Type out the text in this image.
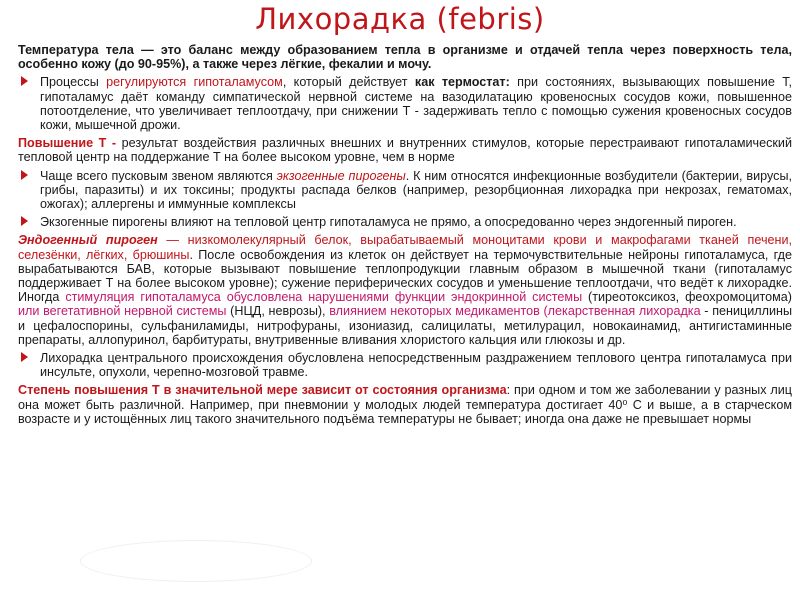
Лихорадка (febris)

Температура тела — это баланс между образованием тепла в организме и отдачей тепла через поверхность тела, особенно кожу (до 90-95%), а также через лёгкие, фекалии и мочу.

Процессы регулируются гипоталамусом, который действует как термостат: при состояниях, вызывающих повышение Т, гипоталамус даёт команду симпатической нервной системе на вазодилатацию кровеносных сосудов кожи, повышенное потоотделение, что увеличивает теплоотдачу, при снижении Т - задерживать тепло с помощью сужения кровеносных сосудов кожи, мышечной дрожи.

Повышение Т - результат воздействия различных внешних и внутренних стимулов, которые перестраивают гипоталамический тепловой центр на поддержание Т на более высоком уровне, чем в норме

Чаще всего пусковым звеном являются экзогенные пирогены. К ним относятся инфекционные возбудители (бактерии, вирусы, грибы, паразиты) и их токсины; продукты распада белков (например, резорбционная лихорадка при некрозах, гематомах, ожогах); аллергены и иммунные комплексы
Экзогенные пирогены влияют на тепловой центр гипоталамуса не прямо, а опосредованно через эндогенный пироген.

Эндогенный пироген — низкомолекулярный белок, вырабатываемый моноцитами крови и макрофагами тканей печени, селезёнки, лёгких, брюшины. После освобождения из клеток он действует на термочувствительные нейроны гипоталамуса, где вырабатываются БАВ, которые вызывают повышение теплопродукции главным образом в мышечной ткани (гипоталамус поддерживает Т на более высоком уровне); сужение периферических сосудов и уменьшение теплоотдачи, что ведёт к лихорадке. Иногда стимуляция гипоталамуса обусловлена нарушениями функции эндокринной системы (тиреотоксикоз, феохромоцитома) или вегетативной нервной системы (НЦД, неврозы), влиянием некоторых медикаментов (лекарственная лихорадка - пенициллины и цефалоспорины, сульфаниламиды, нитрофураны, изониазид, салицилаты, метилурацил, новокаинамид, антигистаминные препараты, аллопуринол, барбитураты, внутривенные вливания хлористого кальция или глюкозы и др.

Лихорадка центрального происхождения обусловлена непосредственным раздражением теплового центра гипоталамуса при инсульте, опухоли, черепно-мозговой травме.

Степень повышения Т в значительной мере зависит от состояния организма: при одном и том же заболевании у разных лиц она может быть различной. Например, при пневмонии у молодых людей температура достигает 40⁰ С и выше, а в старческом возрасте и у истощённых лиц такого значительного подъёма температуры не бывает; иногда она даже не превышает нормы
